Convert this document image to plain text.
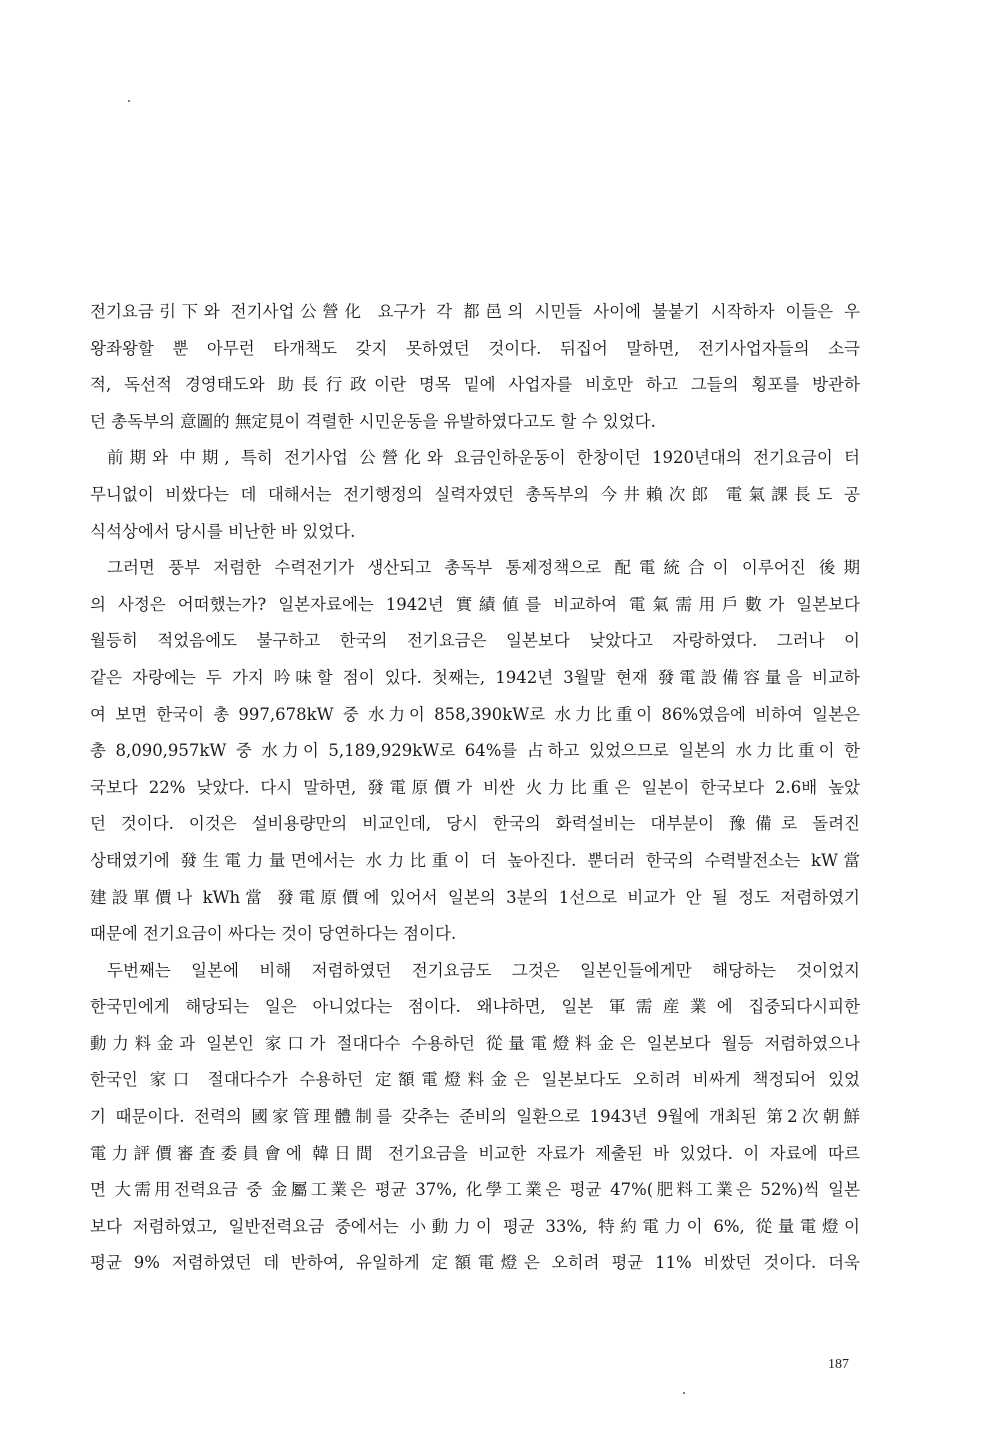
전기요금引下와 전기사업公營化 요구가 각 都邑의 시민들 사이에 불붙기 시작하자 이들은 우
왕좌왕할 뿐 아무런 타개책도 갖지 못하였던 것이다. 뒤집어 말하면, 전기사업자들의 소극
적, 독선적 경영태도와 助長行政이란 명목 밑에 사업자를 비호만 하고 그들의 횡포를 방관하
던 총독부의 意圖的 無定見이 격렬한 시민운동을 유발하였다고도 할 수 있었다.
前期와 中期, 특히 전기사업 公營化와 요금인하운동이 한창이던 1920년대의 전기요금이 터
무니없이 비쌌다는 데 대해서는 전기행정의 실력자였던 총독부의 今井賴次郎 電氣課長도 공
식석상에서 당시를 비난한 바 있었다.
그러면 풍부 저렴한 수력전기가 생산되고 총독부 통제정책으로 配電統合이 이루어진 後期
의 사정은 어떠했는가? 일본자료에는 1942년 實績値를 비교하여 電氣需用戶數가 일본보다
월등히 적었음에도 불구하고 한국의 전기요금은 일본보다 낮았다고 자랑하였다. 그러나 이
같은 자랑에는 두 가지 吟味할 점이 있다. 첫째는, 1942년 3월말 현재 發電設備容量을 비교하
여 보면 한국이 총 997,678kW 중 水力이 858,390kW로 水力比重이 86%였음에 비하여 일본은
총 8,090,957kW 중 水力이 5,189,929kW로 64%를 占하고 있었으므로 일본의 水力比重이 한
국보다 22% 낮았다. 다시 말하면, 發電原價가 비싼 火力比重은 일본이 한국보다 2.6배 높았
던 것이다. 이것은 설비용량만의 비교인데, 당시 한국의 화력설비는 대부분이 豫備로 돌려진
상태였기에 發生電力量면에서는 水力比重이 더 높아진다. 뿐더러 한국의 수력발전소는 kW當
建設單價나 kWh當 發電原價에 있어서 일본의 3분의 1선으로 비교가 안 될 정도 저렴하였기
때문에 전기요금이 싸다는 것이 당연하다는 점이다.
두번째는 일본에 비해 저렴하였던 전기요금도 그것은 일본인들에게만 해당하는 것이었지
한국민에게 해당되는 일은 아니었다는 점이다. 왜냐하면, 일본 軍需産業에 집중되다시피한
動力料金과 일본인 家口가 절대다수 수용하던 從量電燈料金은 일본보다 월등 저렴하였으나
한국인 家口 절대다수가 수용하던 定額電燈料金은 일본보다도 오히려 비싸게 책정되어 있었
기 때문이다. 전력의 國家管理體制를 갖추는 준비의 일환으로 1943년 9월에 개최된 第2次朝鮮
電力評價審査委員會에 韓日間 전기요금을 비교한 자료가 제출된 바 있었다. 이 자료에 따르
면 大需用전력요금 중 金屬工業은 평균 37%, 化學工業은 평균 47%(肥料工業은 52%)씩 일본
보다 저렴하였고, 일반전력요금 중에서는 小動力이 평균 33%, 特約電力이 6%, 從量電燈이
평균 9% 저렴하였던 데 반하여, 유일하게 定額電燈은 오히려 평균 11% 비쌌던 것이다. 더욱
187
